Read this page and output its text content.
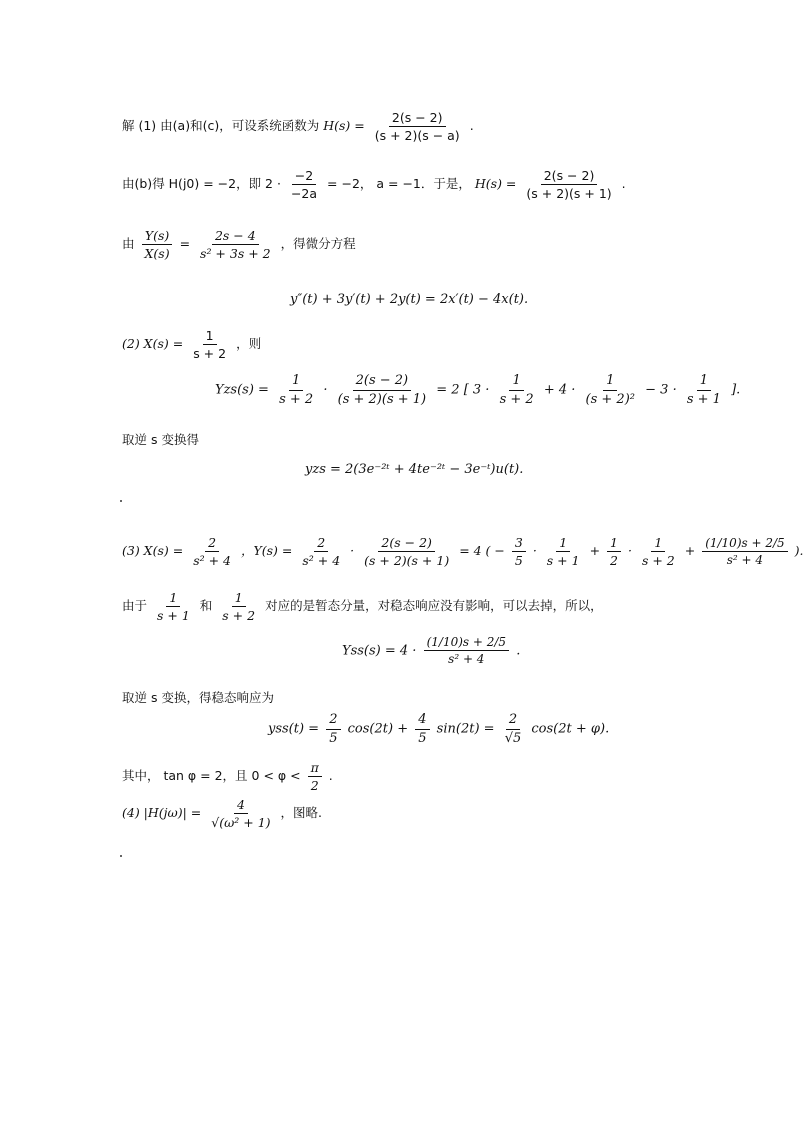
解 (1) 由(a)和(c)，可设系统函数为 $H(s) = \frac{2(s - 2)}{(s + 2)(s - a)}$ .
由(b)得 H(j0) = −2，即 $2 \cdot \frac{-2}{-2a} = -2$， a = −1．于是， $H(s) = \frac{2(s - 2)}{(s + 2)(s + 1)}$ .
由 $\frac{Y(s)}{X(s)} = \frac{2s - 4}{\text{s² + 3s + 2}}$ ，得微分方程
y″(t) + 3y′(t) + 2y(t) = 2x′(t) − 4x(t).
(2) $X(s) = \frac{1}{s + 2}$ ，则
$Yzs(s) = \frac{1}{s + 2} \cdot \frac{2(s - 2)}{(s + 2)(s + 1)} = 2$ [ $3 \cdot \frac{1}{s + 2} + 4 \cdot \frac{1}{\text{(s + 2)²}} - 3 \cdot \frac{1}{s + 1}$ ].
取逆 s 变换得
yzs = 2(3e⁻²ᵗ + 4te⁻²ᵗ − 3e⁻ᵗ)u(t).
(3) $X(s) = \frac{2}{\text{s² + 4}}$ ，$Y(s) = \frac{2}{\text{s² + 4}} \cdot \frac{2(s - 2)}{(s + 2)(s + 1)} = 4$ ( − $\frac{3}{5} \cdot \frac{1}{s + 1} + \frac{1}{2} \cdot \frac{1}{s + 2} + \frac{(1/10)s + 2/5}{\text{s² + 4}}$ ).
由于 $\frac{1}{s + 1}$ 和 $\frac{1}{s + 2}$ 对应的是暂态分量，对稳态响应没有影响，可以去掉，所以，
$Yss(s) = 4 \cdot \frac{(1/10)s + 2/5}{\text{s² + 4}}$ .
取逆 s 变换，得稳态响应为
$yss(t) = \frac{2}{5} \cos(2t) + \frac{4}{5} \sin(2t) = \frac{2}{√5} \cos(2t + \varphi)$.
其中， tan φ = 2，且 $0 < \varphi < \frac{\pi}{2}$ .
(4) $|H(j\omega)| = \frac{4}{\text{√(ω² + 1)}}$ ，图略.
